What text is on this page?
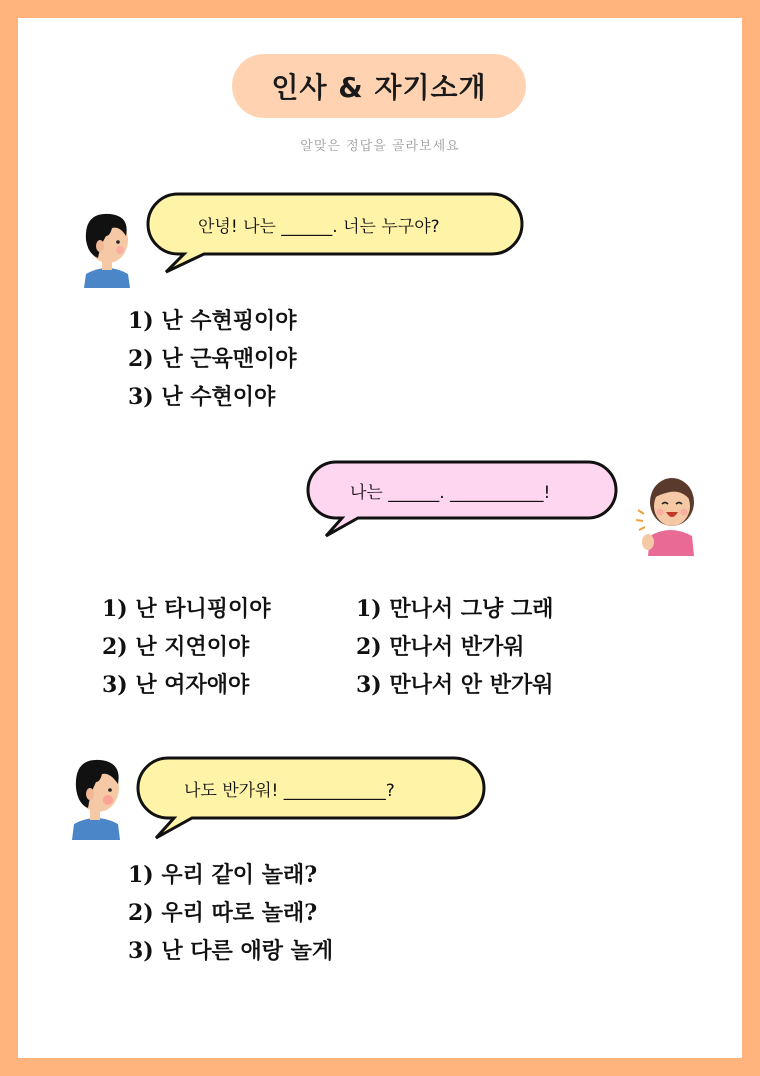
인사 & 자기소개
알맞은 정답을 골라보세요
안녕! 나는 ______. 너는 누구야?
1) 난 수현핑이야
2) 난 근육맨이야
3) 난 수현이야
나는 ______. ___________!
1) 난 타니핑이야
2) 난 지연이야
3) 난 여자애야
1) 만나서 그냥 그래
2) 만나서 반가워
3) 만나서 안 반가워
나도 반가워! ____________?
1) 우리 같이 놀래?
2) 우리 따로 놀래?
3) 난 다른 애랑 놀게
